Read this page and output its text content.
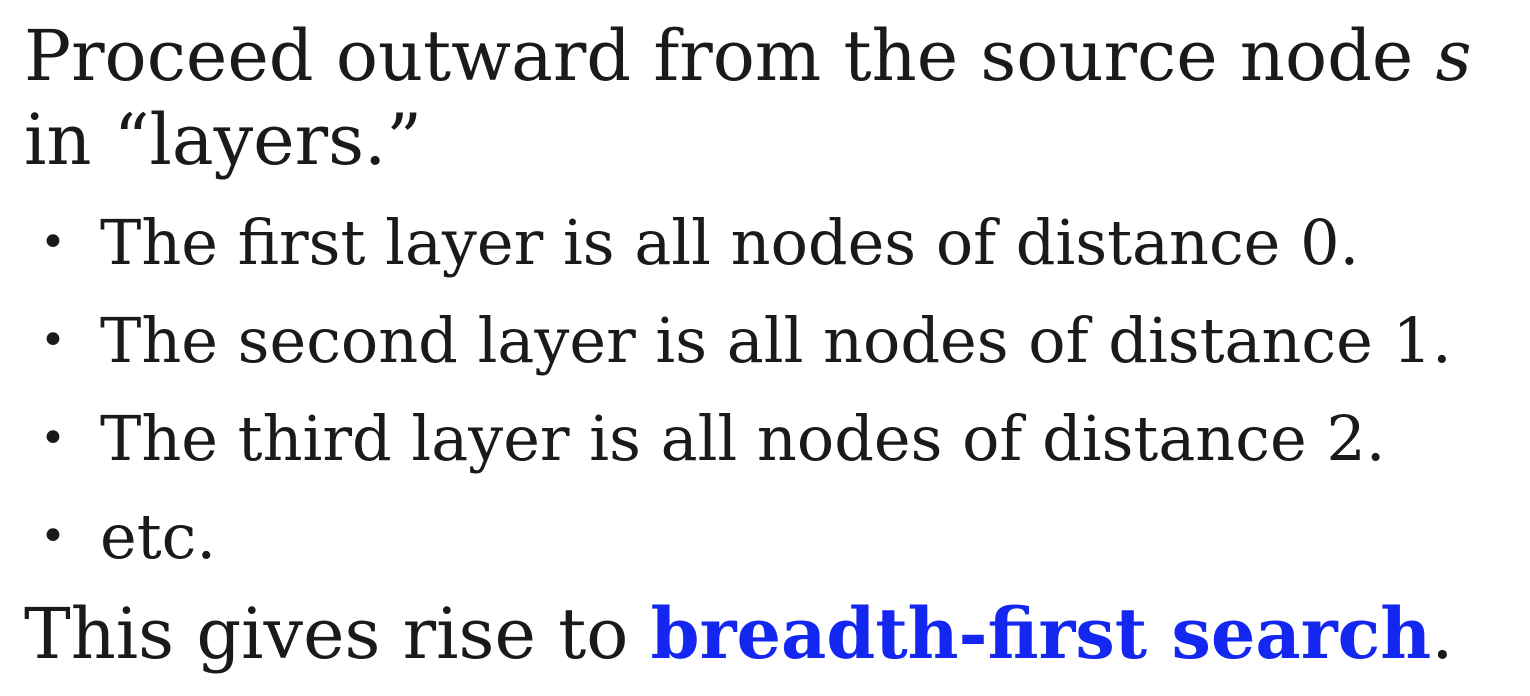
Proceed outward from the source node s
in “layers.”

• The first layer is all nodes of distance 0.
• The second layer is all nodes of distance 1.
• The third layer is all nodes of distance 2.
• etc.

This gives rise to breadth-first search.
